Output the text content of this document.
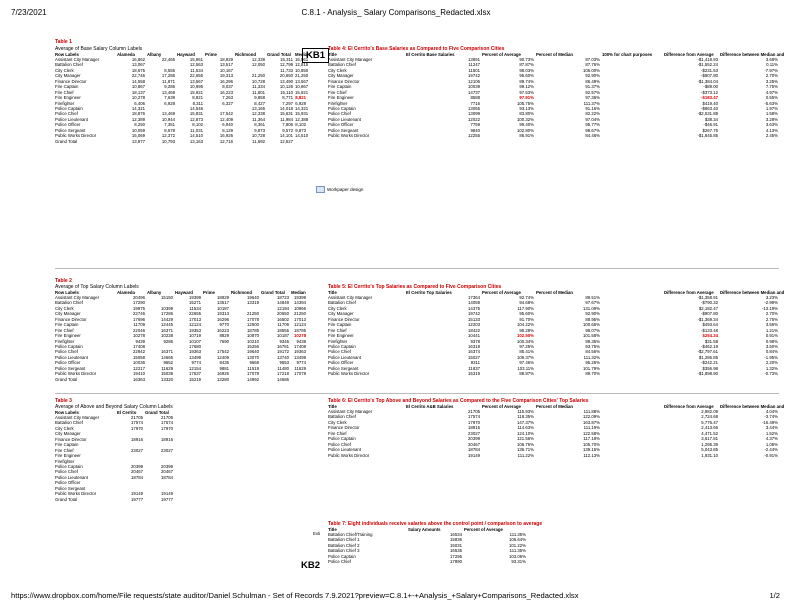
7/23/2021	C.8.1 - Analysis_ Salary Comparisons_Redacted.xlsx
Table 1
Average of Base Salary Column Labels
Row Labels	Alameda	Albany	Hayward	Prime	Richmond	Grand Total	Median
Assistant City Manager	16,862	22,465	15,961	18,929	12,338	15,311	15,961
Battalion Chief	13,067		12,563	13,517	12,050	12,799	12,815
City Clerk	18,675	8,555	11,534	10,167		11,733	10,850
City Manager	22,746	17,286	22,655	19,313	21,250	20,650	21,250
Finance Director	14,558	11,871	13,567	16,296	10,728	13,490	13,567
Fire Captain	10,867	9,286	10,995	8,037	11,334	10,126	10,867
Fire Chief	18,137	13,469	15,921	16,223	11,801	15,110	15,921
Fire Engineer	10,278	7,639	8,821	7,263	9,858	8,771	8,821
Firefighter	6,406	6,928	8,311	6,327	8,427	7,297	6,928
Police Captain	14,321		14,546		13,166	14,018	14,321
Police Chief	18,876	13,469	15,831	17,542	12,338	15,631	15,931
Police Lieutenant	12,389	10,944	12,873	12,409	11,364	11,984	12,388
Police Officer	8,250	7,351	8,102	6,940	8,361	7,806	8,102
Police Sergeant	10,059	8,678	11,031	8,129	9,873	9,572	9,873
Public Works Director	15,069	12,372	14,510	16,926	10,728	14,101	14,510
Grand Total	13,977	10,793	13,163	12,716	11,692	12,527	
KB1
Table 4: El Cerrito's Base Salaries as Compared to Five Comparison Cities
Title	El Cerrito Base Salaries	Percent of Average	Percent of Median	100% for chart purposes	Difference from Average	Difference between Median and
Assistant City Manager	13891	90.73%	87.03%		-$1,419.93	3.69%
Battalion Chief	11247	87.87%	87.76%		-$1,552.24	0.11%
City Clerk	11501	98.03%	106.00%		-$231.53	-7.97%
City Manager	19742	95.60%	92.90%		-$907.80	2.70%
Finance Director	12106	89.74%	86.49%		-$1,384.04	3.25%
Fire Captain	10039	99.12%	91.37%		-$89.00	7.75%
Fire Chief	14737	97.53%	92.57%		-$373.12	4.97%
Fire Engineer	8588	97.91%	97.36%		-$183.47	0.55%
Firefighter	7716	105.75%	111.37%		$419.40	-5.63%
Police Captain	13055	93.13%	91.16%		-$963.40	1.97%
Police Chief	13099	83.80%	82.22%		-$2,531.89	1.58%
Police Lieutenant	12022	100.32%	97.04%		$38.34	3.28%
Police Officer	7759	99.40%	95.77%		-$46.91	3.63%
Police Sergeant	9840	102.80%	98.67%		$267.75	4.13%
Public Works Director	12255	86.91%	84.46%		-$1,845.85	2.45%
Workpaper design
Table 2
Average of Top Salary Column Labels
Row Labels	Alameda	Albany	Hayward	Prime	Richmond	Grand Total	Median
Assistant City Manager	20496	15150	19399	18929	19640	18723	19399
Battalion Chief	17290		15271	13517	13319	14849	14394
City Clerk	19975	10399	11534	10187		12194	10966
City Manager	22746	17286	22655	19313	21250	20650	21250
Finance Director	17696	14429	17013	16296	17078	16502	17013
Fire Captain	11709	12445	12124	9770	12500	11709	12124
Fire Chief	22046	16371	19353	16223	18785	18555	18785
Fire Engineer	10278	10238	10719	8829	10870	10187	10278
Firefighter	9439	9286	10107	7690	10210	9346	9439
Police Captain	17408		17680		15256	16781	17408
Police Chief	22942	16371	19363	17542	19640	19172	19363
Police Lieutenant	15058	14665	13499	12409	13070	13740	13499
Police Officer	10036	9652	9774	8436	9668	9553	9774
Police Sergeant	12217	11629	12154	9881	11519	11480	11629
Public Works Director	19410	15039	17637	16926	17078	17218	17078
Grand Total	16363	13320	15219	13280	14992	14686	
Table 5: El Cerrito's Top Salaries as Compared to Five Comparison Cities
Title	El Cerrito Top Salaries	Percent of Average	Percent of Median		Difference from Average	Difference between Median and
Assistant City Manager	17364	92.74%	89.51%		-$1,358.91	3.23%
Battalion Chief	14059	94.68%	97.67%		-$790.32	-2.99%
City Clerk	14376	117.90%	131.09%		$2,182.47	-13.19%
City Manager	19742	95.60%	92.90%		-$907.80	2.70%
Finance Director	15133	91.70%	88.95%		-$1,369.34	2.75%
Fire Captain	12203	104.22%	100.65%		$493.64	3.56%
Fire Chief	18422	99.28%	98.07%		-$133.48	1.21%
Fire Engineer	10441	102.50%	101.58%		$254.34	0.91%
Firefighter	9378	100.34%	99.35%		$31.58	0.98%
Police Captain	16319	97.25%	93.75%		-$462.19	3.50%
Police Chief	16374	85.41%	84.56%		-$2,797.61	0.84%
Police Lieutenant	15027	109.37%	111.32%		$1,286.85	-1.95%
Police Officer	9311	97.46%	95.26%		-$242.21	2.20%
Police Sergeant	11837	103.11%	101.79%		$356.98	1.32%
Public Works Director	15319	88.97%	89.70%		-$1,898.90	-0.73%
Table 3
Average of Above and Beyond Salary Column Labels
Row Labels	El Cerrito	Grand Total
Assistant City Manager	21705	21705
Battalion Chief	17574	17574
City Clerk	17970	17970
City Manager		
Finance Director	18916	18916
Fire Captain		
Fire Chief	23027	23027
Fire Engineer		
Firefighter		
Police Captain	20399	20399
Police Chief	20467	20467
Police Lieutenant	18784	18784
Police Officer		
Police Sergeant		
Public Works Director	19149	19149
Grand Total	19777	19777
Table 6: El Cerrito's Top Above and Beyond Salaries as Compared to the Five Comparison Cities' Top Salaries
Title	El Cerrito A&B Salaries	Percent of Average	Percent of Median		Difference from Average	Difference between Median and
Assistant City Manager	21705	115.93%	111.88%		2,982.09	4.04%
Battalion Chief	17574	118.35%	122.09%		2,724.68	-3.74%
City Clerk	17970	147.37%	163.87%		5,776.47	-16.49%
Finance Director	18916	114.63%	111.19%		2,413.66	3.44%
Fire Chief	23027	124.10%	122.58%		4,471.52	1.52%
Police Captain	20399	121.56%	117.18%		3,617.81	4.37%
Police Chief	20467	106.76%	105.70%		1,295.39	1.06%
Police Lieutenant	18784	136.71%	139.15%		5,043.85	-2.44%
Public Works Director	19149	111.22%	112.13%		1,931.10	-0.91%
Exti
Table 7: Eight individuals receive salaries above the control point / comparison to average
Title	Salary Amounts	Percent of Average
Battalion Chief/Training	16534	111.35%
Battalion Chief 1	15836	106.64%
Battalion Chief 2	15031	101.22%
Battalion Chief 3	16535	111.35%
Police Captain	17295	103.06%
Police Chief	17890	93.31%
KB2
https://www.dropbox.com/home/File requests/state auditor/Daniel Schulman - Set of Records 7.9.2021?preview=C.8.1+-+Analysis_+Salary+Comparisons_Redacted.xlsx	1/2
